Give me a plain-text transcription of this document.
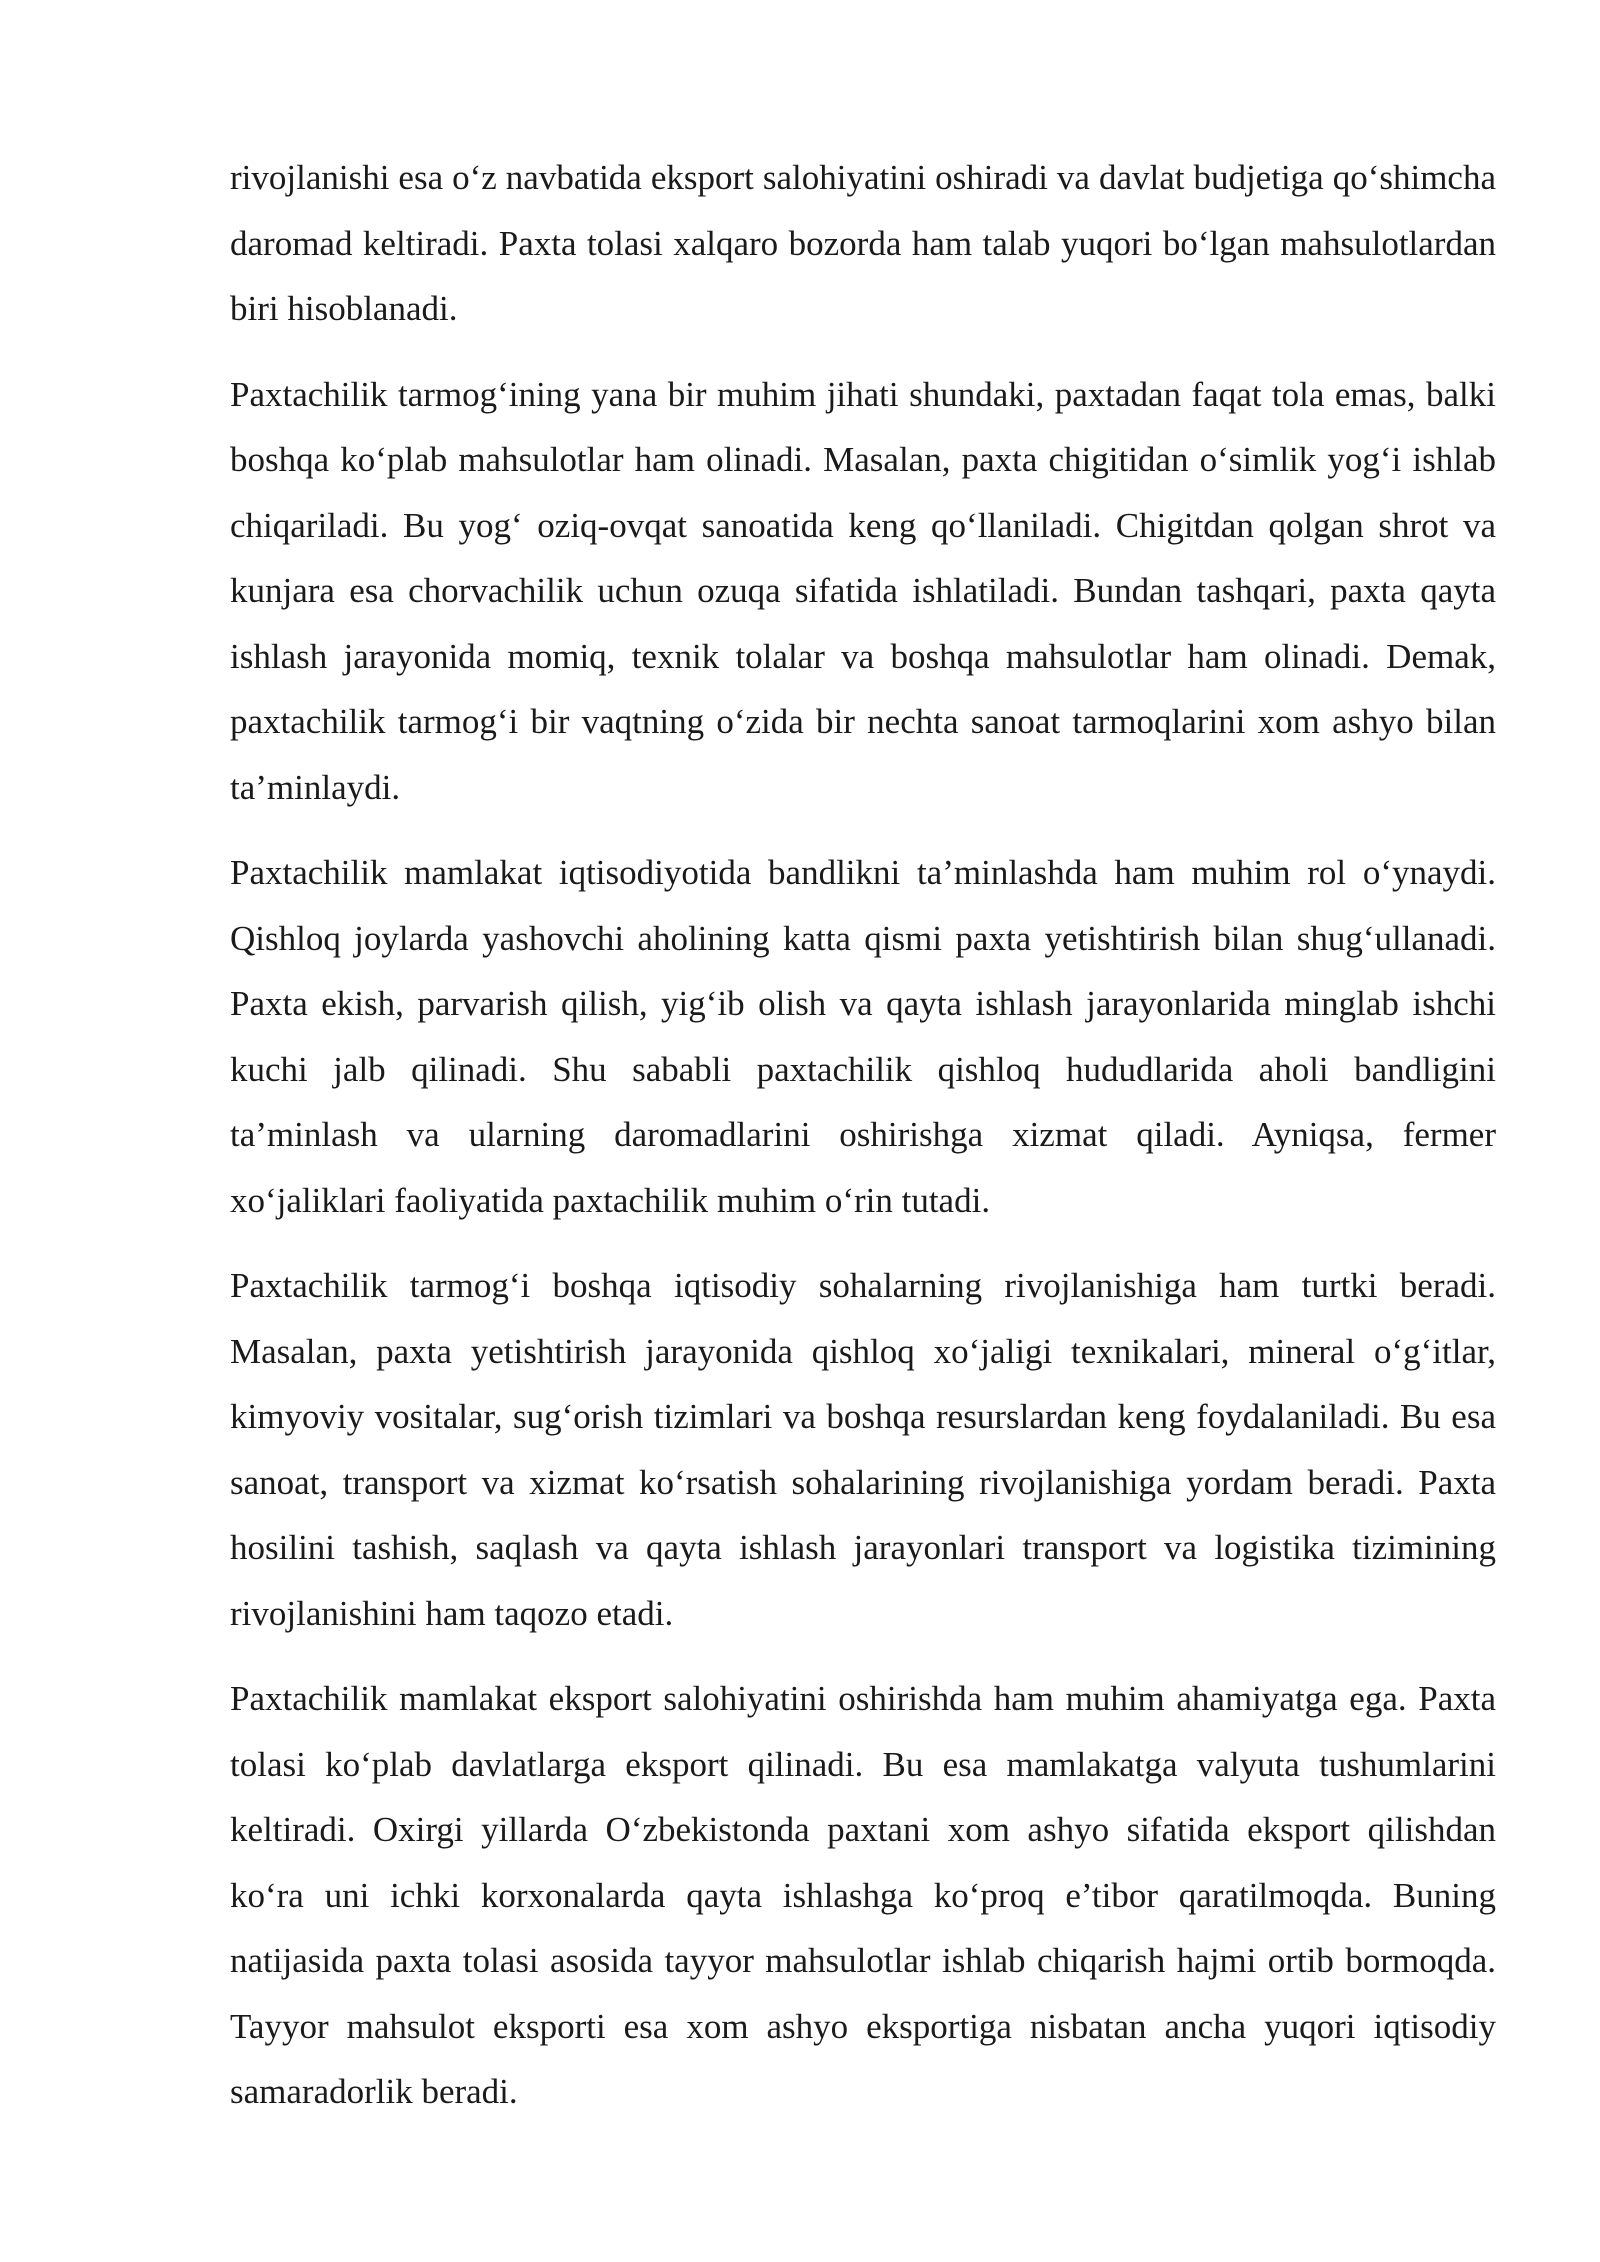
rivojlanishi esa o‘z navbatida eksport salohiyatini oshiradi va davlat budjetiga qo‘shimcha daromad keltiradi. Paxta tolasi xalqaro bozorda ham talab yuqori bo‘lgan mahsulotlardan biri hisoblanadi.

Paxtachilik tarmog‘ining yana bir muhim jihati shundaki, paxtadan faqat tola emas, balki boshqa ko‘plab mahsulotlar ham olinadi. Masalan, paxta chigitidan o‘simlik yog‘i ishlab chiqariladi. Bu yog‘ oziq-ovqat sanoatida keng qo‘llaniladi. Chigitdan qolgan shrot va kunjara esa chorvachilik uchun ozuqa sifatida ishlatiladi. Bundan tashqari, paxta qayta ishlash jarayonida momiq, texnik tolalar va boshqa mahsulotlar ham olinadi. Demak, paxtachilik tarmog‘i bir vaqtning o‘zida bir nechta sanoat tarmoqlarini xom ashyo bilan ta’minlaydi.

Paxtachilik mamlakat iqtisodiyotida bandlikni ta’minlashda ham muhim rol o‘ynaydi. Qishloq joylarda yashovchi aholining katta qismi paxta yetishtirish bilan shug‘ullanadi. Paxta ekish, parvarish qilish, yig‘ib olish va qayta ishlash jarayonlarida minglab ishchi kuchi jalb qilinadi. Shu sababli paxtachilik qishloq hududlarida aholi bandligini ta’minlash va ularning daromadlarini oshirishga xizmat qiladi. Ayniqsa, fermer xo‘jaliklari faoliyatida paxtachilik muhim o‘rin tutadi.

Paxtachilik tarmog‘i boshqa iqtisodiy sohalarning rivojlanishiga ham turtki beradi. Masalan, paxta yetishtirish jarayonida qishloq xo‘jaligi texnikalari, mineral o‘g‘itlar, kimyoviy vositalar, sug‘orish tizimlari va boshqa resurslardan keng foydalaniladi. Bu esa sanoat, transport va xizmat ko‘rsatish sohalarining rivojlanishiga yordam beradi. Paxta hosilini tashish, saqlash va qayta ishlash jarayonlari transport va logistika tizimining rivojlanishini ham taqozo etadi.

Paxtachilik mamlakat eksport salohiyatini oshirishda ham muhim ahamiyatga ega. Paxta tolasi ko‘plab davlatlarga eksport qilinadi. Bu esa mamlakatga valyuta tushumlarini keltiradi. Oxirgi yillarda O‘zbekistonda paxtani xom ashyo sifatida eksport qilishdan ko‘ra uni ichki korxonalarda qayta ishlashga ko‘proq e’tibor qaratilmoqda. Buning natijasida paxta tolasi asosida tayyor mahsulotlar ishlab chiqarish hajmi ortib bormoqda. Tayyor mahsulot eksporti esa xom ashyo eksportiga nisbatan ancha yuqori iqtisodiy samaradorlik beradi.
